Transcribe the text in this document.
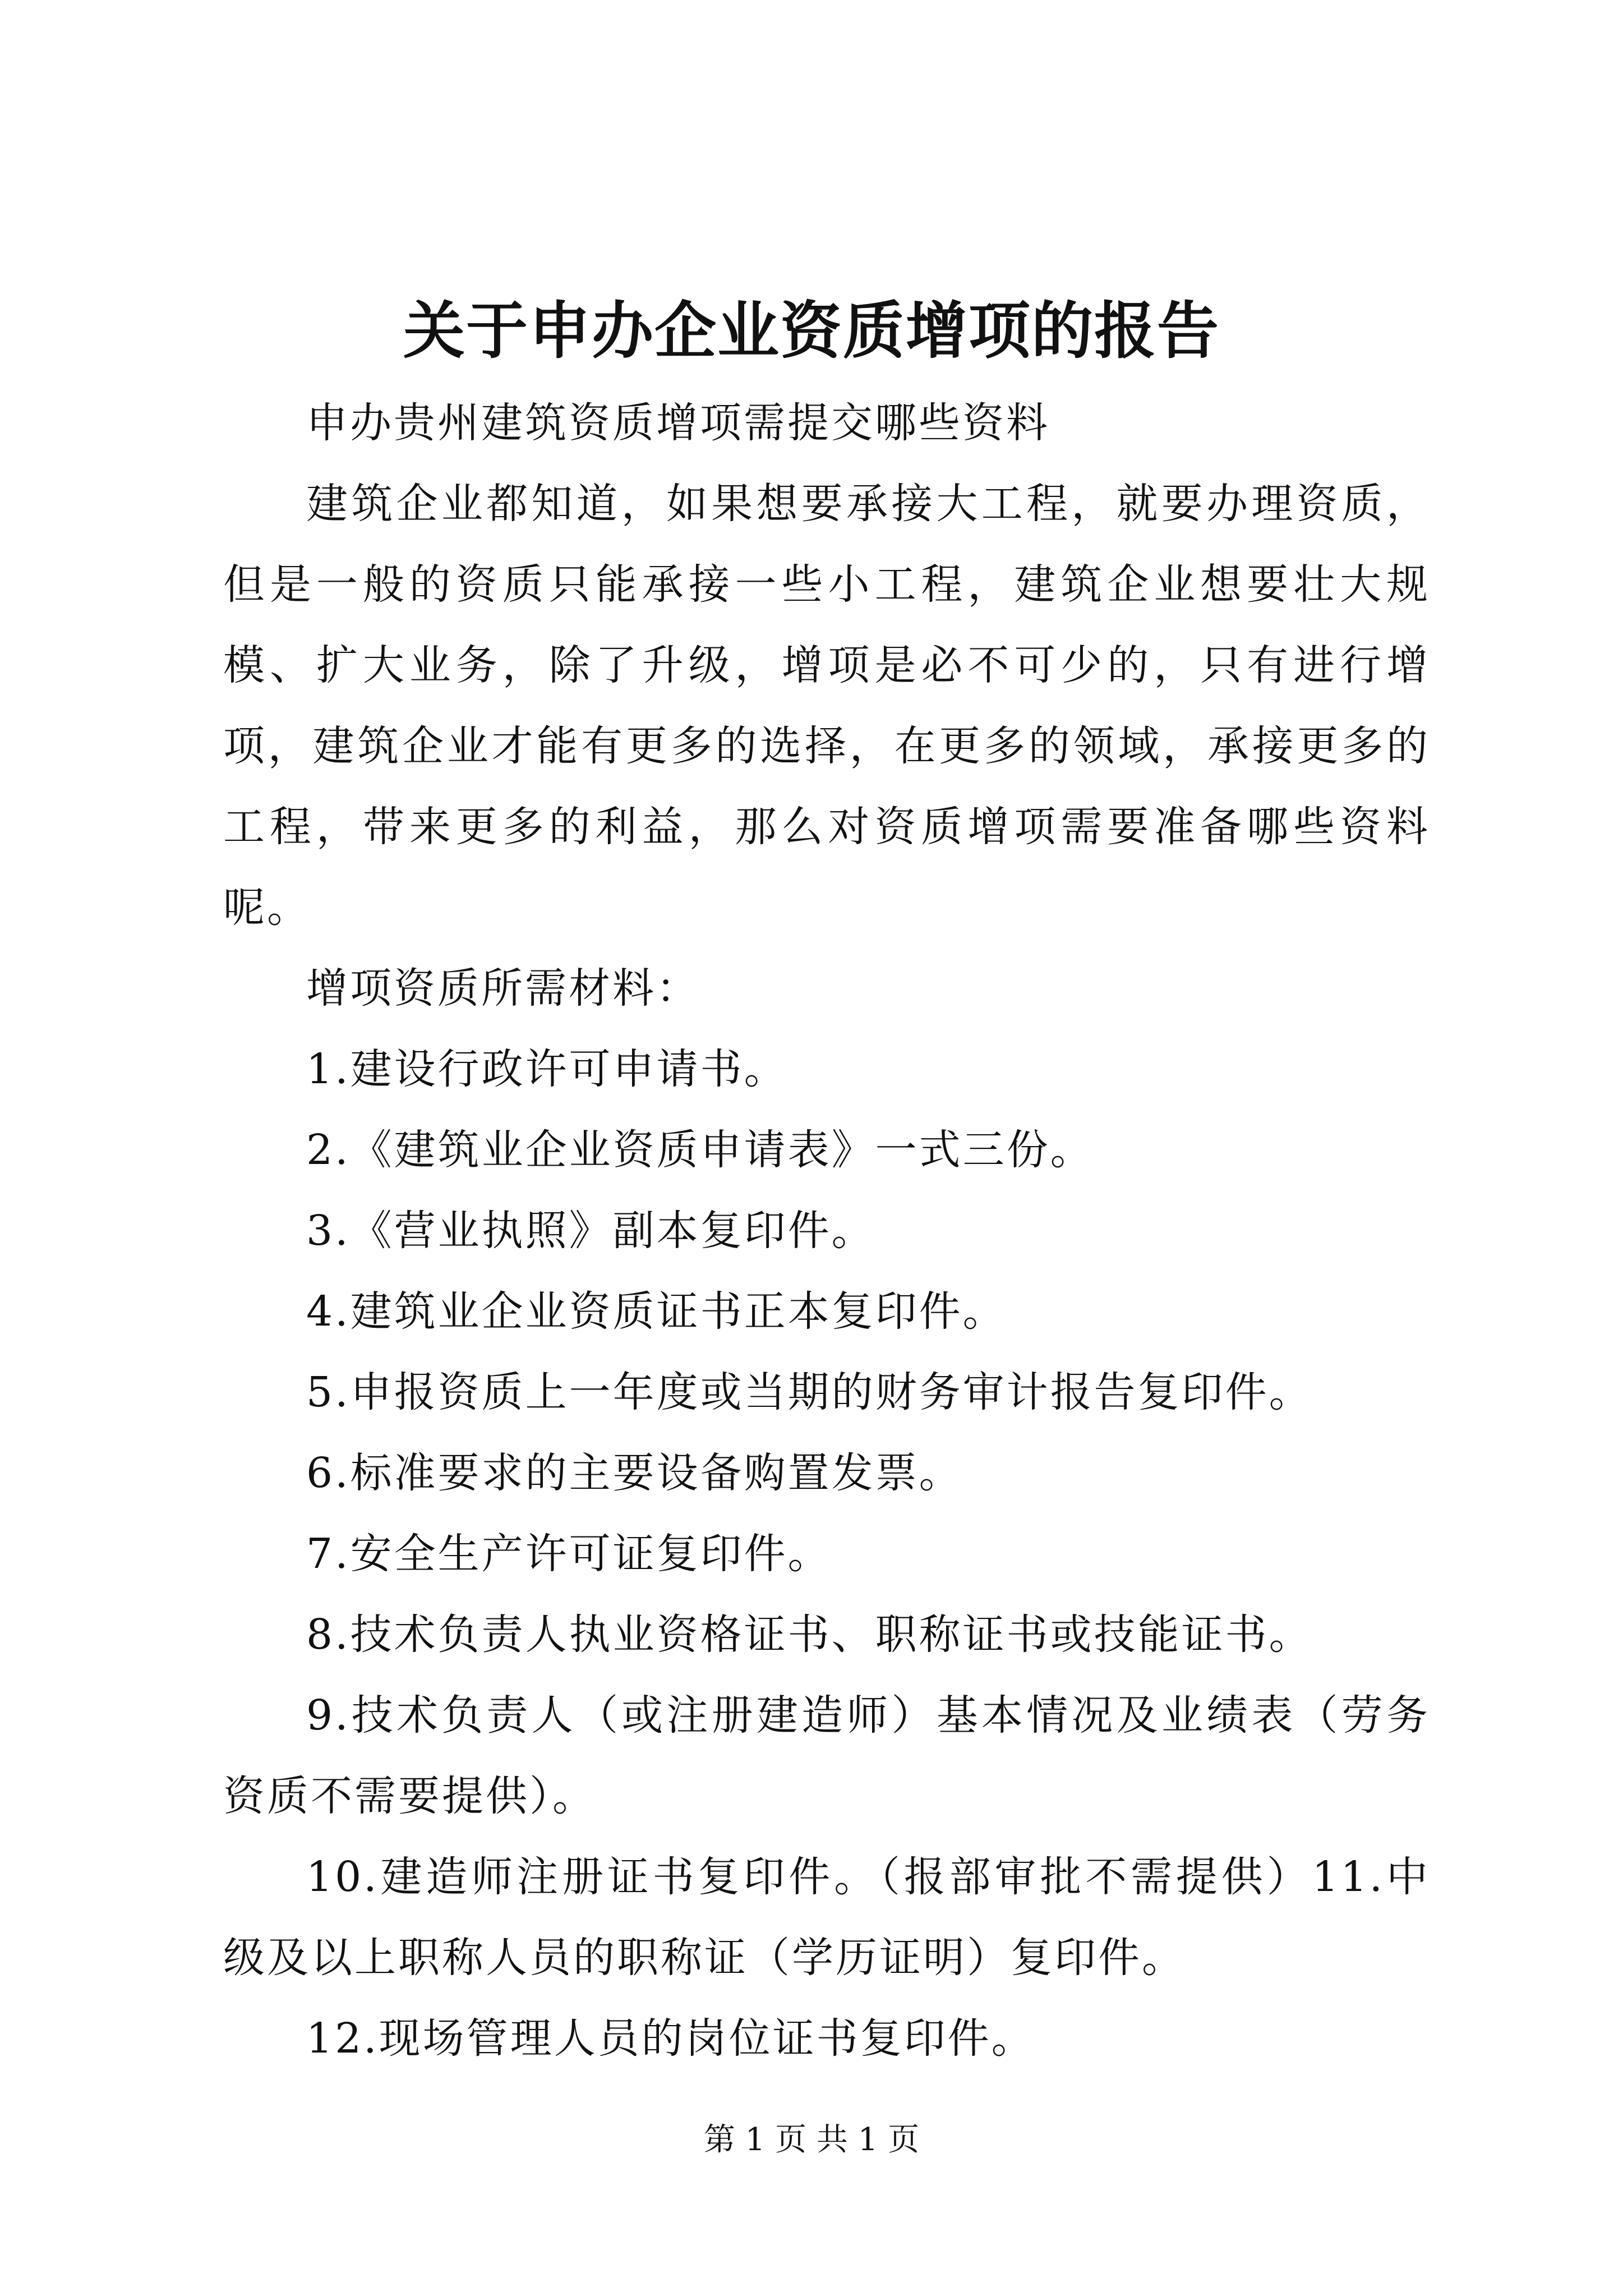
关于申办企业资质增项的报告

申办贵州建筑资质增项需提交哪些资料

建筑企业都知道，如果想要承接大工程，就要办理资质，但是一般的资质只能承接一些小工程，建筑企业想要壮大规模、扩大业务，除了升级，增项是必不可少的，只有进行增项，建筑企业才能有更多的选择，在更多的领域，承接更多的工程，带来更多的利益，那么对资质增项需要准备哪些资料呢。

增项资质所需材料：

1.建设行政许可申请书。

2.《建筑业企业资质申请表》一式三份。

3.《营业执照》副本复印件。

4.建筑业企业资质证书正本复印件。

5.申报资质上一年度或当期的财务审计报告复印件。

6.标准要求的主要设备购置发票。

7.安全生产许可证复印件。

8.技术负责人执业资格证书、职称证书或技能证书。

9.技术负责人（或注册建造师）基本情况及业绩表（劳务资质不需要提供）。

10.建造师注册证书复印件。（报部审批不需提供）11.中级及以上职称人员的职称证（学历证明）复印件。

12.现场管理人员的岗位证书复印件。

第 1 页 共 1 页
